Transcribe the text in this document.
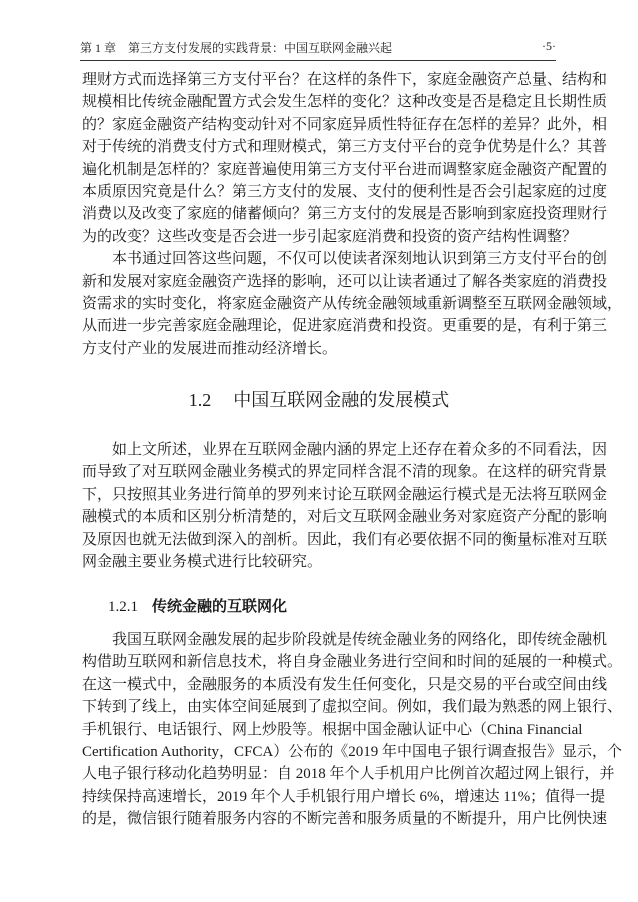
第 1 章　第三方支付发展的实践背景：中国互联网金融兴起	·5·
理财方式而选择第三方支付平台？在这样的条件下，家庭金融资产总量、结构和
规模相比传统金融配置方式会发生怎样的变化？这种改变是否是稳定且长期性质
的？家庭金融资产结构变动针对不同家庭异质性特征存在怎样的差异？此外，相
对于传统的消费支付方式和理财模式，第三方支付平台的竞争优势是什么？其普
遍化机制是怎样的？家庭普遍使用第三方支付平台进而调整家庭金融资产配置的
本质原因究竟是什么？第三方支付的发展、支付的便利性是否会引起家庭的过度
消费以及改变了家庭的储蓄倾向？第三方支付的发展是否影响到家庭投资理财行
为的改变？这些改变是否会进一步引起家庭消费和投资的资产结构性调整？
本书通过回答这些问题，不仅可以使读者深刻地认识到第三方支付平台的创
新和发展对家庭金融资产选择的影响，还可以让读者通过了解各类家庭的消费投
资需求的实时变化，将家庭金融资产从传统金融领域重新调整至互联网金融领域，
从而进一步完善家庭金融理论，促进家庭消费和投资。更重要的是，有利于第三
方支付产业的发展进而推动经济增长。
1.2 中国互联网金融的发展模式
如上文所述，业界在互联网金融内涵的界定上还存在着众多的不同看法，因
而导致了对互联网金融业务模式的界定同样含混不清的现象。在这样的研究背景
下，只按照其业务进行简单的罗列来讨论互联网金融运行模式是无法将互联网金
融模式的本质和区别分析清楚的，对后文互联网金融业务对家庭资产分配的影响
及原因也就无法做到深入的剖析。因此，我们有必要依据不同的衡量标准对互联
网金融主要业务模式进行比较研究。
1.2.1 传统金融的互联网化
我国互联网金融发展的起步阶段就是传统金融业务的网络化，即传统金融机
构借助互联网和新信息技术，将自身金融业务进行空间和时间的延展的一种模式。
在这一模式中，金融服务的本质没有发生任何变化，只是交易的平台或空间由线
下转到了线上，由实体空间延展到了虚拟空间。例如，我们最为熟悉的网上银行、
手机银行、电话银行、网上炒股等。根据中国金融认证中心（China Financial
Certification Authority，CFCA）公布的《2019 年中国电子银行调查报告》显示，个
人电子银行移动化趋势明显：自 2018 年个人手机用户比例首次超过网上银行，并
持续保持高速增长，2019 年个人手机银行用户增长 6%，增速达 11%；值得一提
的是，微信银行随着服务内容的不断完善和服务质量的不断提升，用户比例快速
